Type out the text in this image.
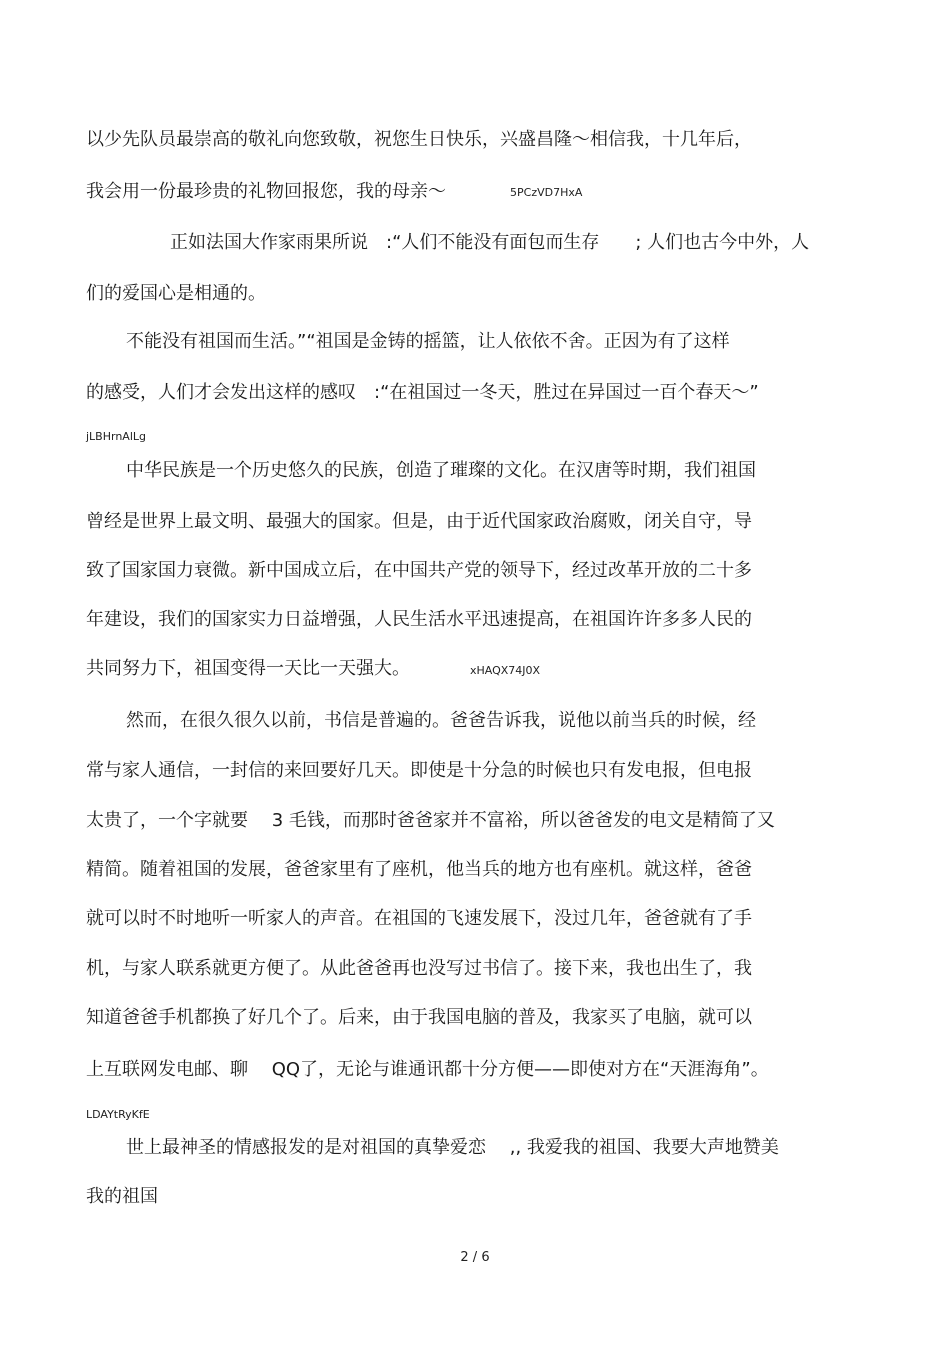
以少先队员最崇高的敬礼向您致敬，祝您生日快乐，兴盛昌隆～相信我，十几年后，
我会用一份最珍贵的礼物回报您，我的母亲～	5PCzVD7HxA
正如法国大作家雨果所说　:“人们不能没有面包而生存　　; 人们也古今中外，人
们的爱国心是相通的。
不能没有祖国而生活。”“祖国是金铸的摇篮，让人依依不舍。正因为有了这样
的感受，人们才会发出这样的感叹　:“在祖国过一冬天，胜过在异国过一百个春天～”
jLBHrnAlLg
中华民族是一个历史悠久的民族，创造了璀璨的文化。在汉唐等时期，我们祖国
曾经是世界上最文明、最强大的国家。但是，由于近代国家政治腐败，闭关自守，导
致了国家国力衰微。新中国成立后，在中国共产党的领导下，经过改革开放的二十多
年建设，我们的国家实力日益增强，人民生活水平迅速提高，在祖国许许多多人民的
共同努力下，祖国变得一天比一天强大。	xHAQX74J0X
然而，在很久很久以前，书信是普遍的。爸爸告诉我，说他以前当兵的时候，经
常与家人通信，一封信的来回要好几天。即使是十分急的时候也只有发电报，但电报
太贵了，一个字就要　 3 毛钱，而那时爸爸家并不富裕，所以爸爸发的电文是精简了又
精简。随着祖国的发展，爸爸家里有了座机，他当兵的地方也有座机。就这样，爸爸
就可以时不时地听一听家人的声音。在祖国的飞速发展下，没过几年，爸爸就有了手
机，与家人联系就更方便了。从此爸爸再也没写过书信了。接下来，我也出生了，我
知道爸爸手机都换了好几个了。后来，由于我国电脑的普及，我家买了电脑，就可以
上互联网发电邮、聊　 QQ了，无论与谁通讯都十分方便——即使对方在“天涯海角”。
LDAYtRyKfE
世上最神圣的情感报发的是对祖国的真挚爱恋　 ,, 我爱我的祖国、我要大声地赞美
我的祖国
2 / 6
